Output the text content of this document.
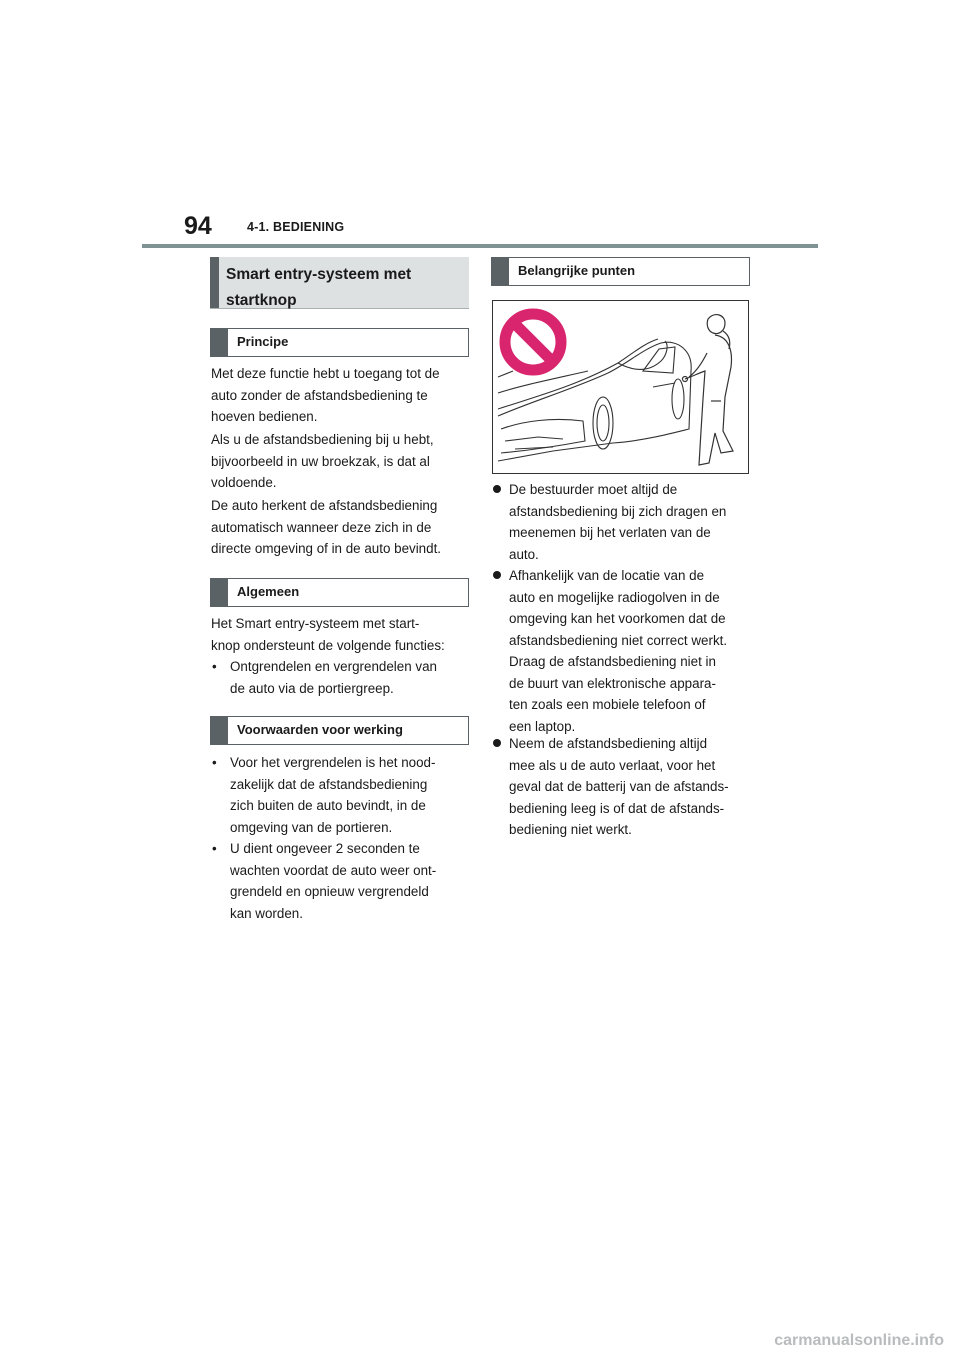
94	4-1. BEDIENING
Smart entry-systeem met
startknop
Principe
Met deze functie hebt u toegang tot de
auto zonder de afstandsbediening te
hoeven bedienen.
Als u de afstandsbediening bij u hebt,
bijvoorbeeld in uw broekzak, is dat al
voldoende.
De auto herkent de afstandsbediening
automatisch wanneer deze zich in de
directe omgeving of in de auto bevindt.
Algemeen
Het Smart entry-systeem met start-
knop ondersteunt de volgende functies:
• Ontgrendelen en vergrendelen van
de auto via de portiergreep.
Voorwaarden voor werking
• Voor het vergrendelen is het nood-
zakelijk dat de afstandsbediening
zich buiten de auto bevindt, in de
omgeving van de portieren.
• U dient ongeveer 2 seconden te
wachten voordat de auto weer ont-
grendeld en opnieuw vergrendeld
kan worden.
Belangrijke punten
De bestuurder moet altijd de
afstandsbediening bij zich dragen en
meenemen bij het verlaten van de
auto.
Afhankelijk van de locatie van de
auto en mogelijke radiogolven in de
omgeving kan het voorkomen dat de
afstandsbediening niet correct werkt.
Draag de afstandsbediening niet in
de buurt van elektronische appara-
ten zoals een mobiele telefoon of
een laptop.
Neem de afstandsbediening altijd
mee als u de auto verlaat, voor het
geval dat de batterij van de afstands-
bediening leeg is of dat de afstands-
bediening niet werkt.
carmanualsonline.info
